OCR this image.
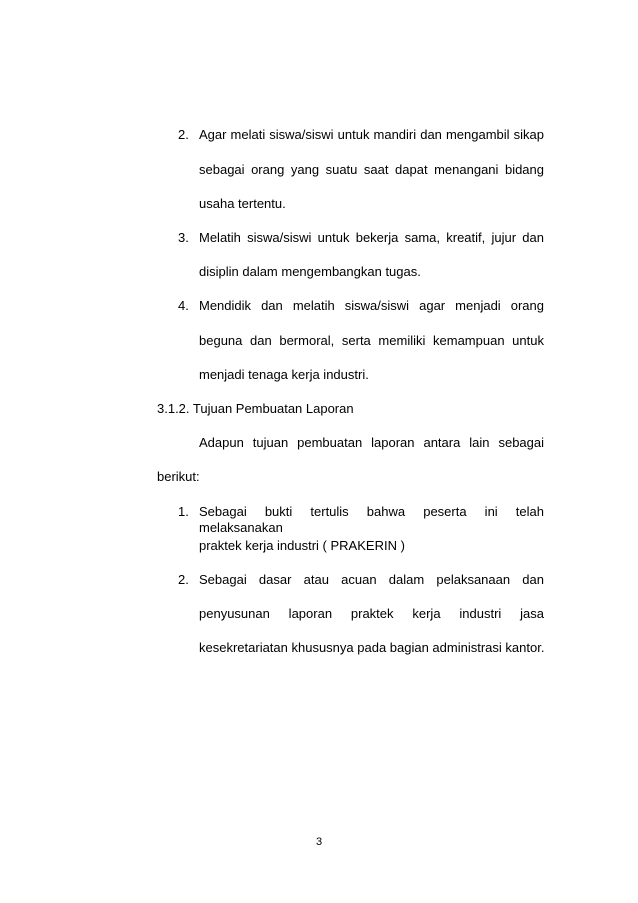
2. Agar melati siswa/siswi untuk mandiri dan mengambil sikap
sebagai orang yang suatu saat dapat menangani bidang
usaha tertentu.
3. Melatih siswa/siswi untuk bekerja sama, kreatif, jujur dan
disiplin dalam mengembangkan tugas.
4. Mendidik dan melatih siswa/siswi agar menjadi orang
beguna dan bermoral, serta memiliki kemampuan untuk
menjadi tenaga kerja industri.
3.1.2. Tujuan Pembuatan Laporan
Adapun tujuan pembuatan laporan antara lain sebagai
berikut:
1. Sebagai bukti tertulis bahwa peserta ini telah melaksanakan
praktek kerja industri ( PRAKERIN )
2. Sebagai dasar atau acuan dalam pelaksanaan dan
penyusunan laporan praktek kerja industri jasa
kesekretariatan khususnya pada bagian administrasi kantor.
3
